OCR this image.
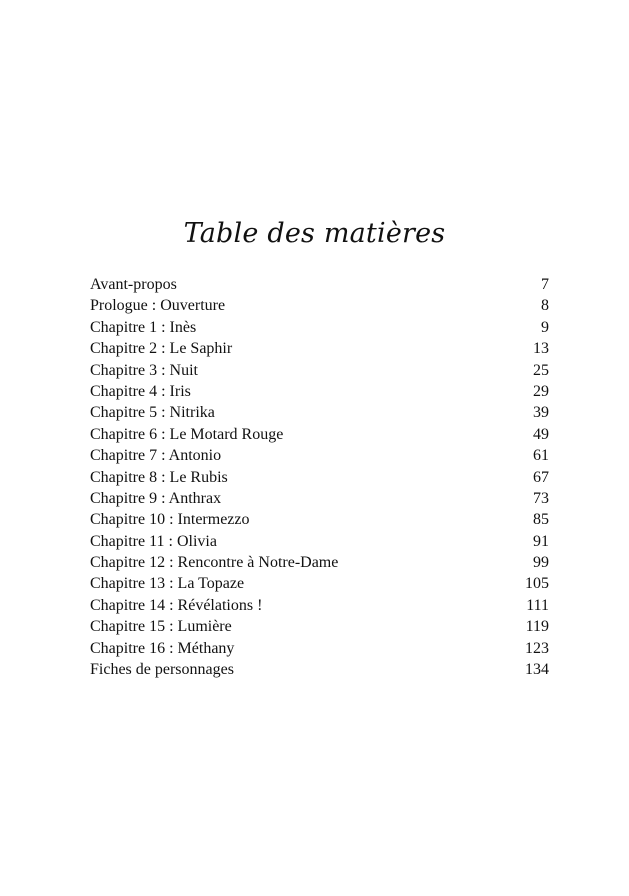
Table des matières
Avant-propos	7
Prologue : Ouverture	8
Chapitre 1 : Inès	9
Chapitre 2 : Le Saphir	13
Chapitre 3 : Nuit	25
Chapitre 4 : Iris	29
Chapitre 5 : Nitrika	39
Chapitre 6 : Le Motard Rouge	49
Chapitre 7 : Antonio	61
Chapitre 8 : Le Rubis	67
Chapitre 9 : Anthrax	73
Chapitre 10 : Intermezzo	85
Chapitre 11 : Olivia	91
Chapitre 12 : Rencontre à Notre-Dame	99
Chapitre 13 : La Topaze	105
Chapitre 14 : Révélations !	111
Chapitre 15 : Lumière	119
Chapitre 16 : Méthany	123
Fiches de personnages	134
